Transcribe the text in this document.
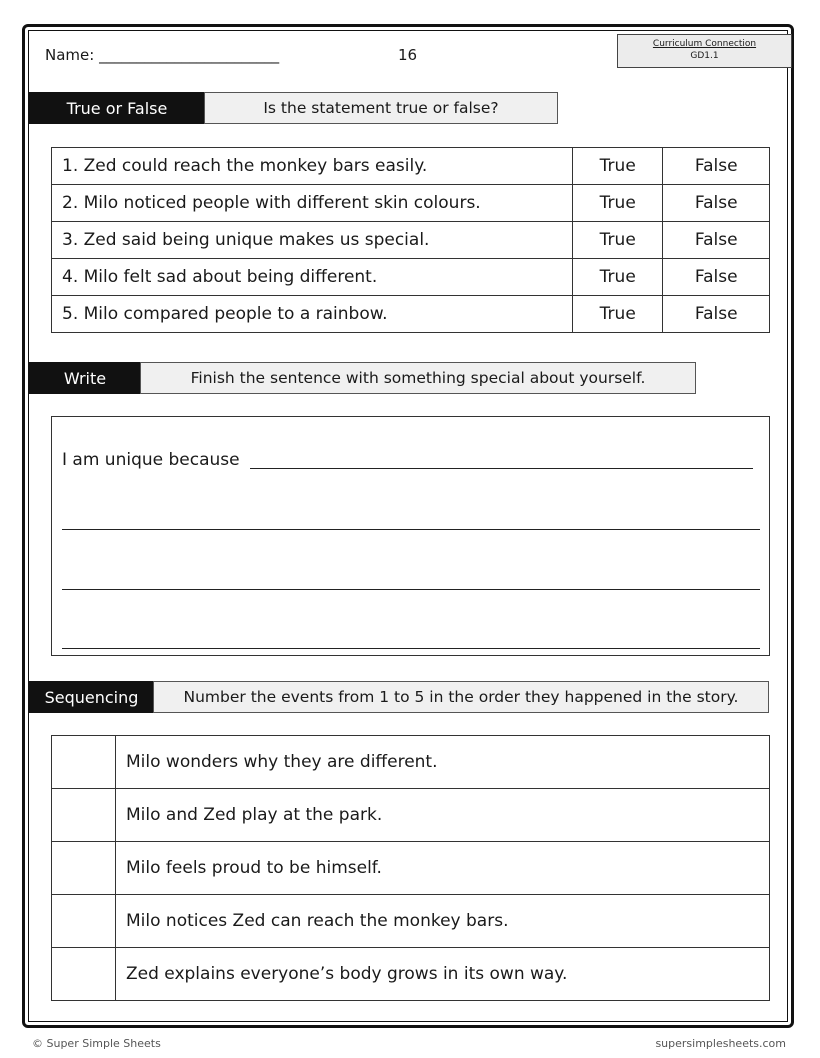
Name: ________________________	16
Curriculum Connection
GD1.1
True or False	Is the statement true or false?
1. Zed could reach the monkey bars easily.	True	False
2. Milo noticed people with different skin colours.	True	False
3. Zed said being unique makes us special.	True	False
4. Milo felt sad about being different.	True	False
5. Milo compared people to a rainbow.	True	False
Write	Finish the sentence with something special about yourself.
I am unique because
Sequencing	Number the events from 1 to 5 in the order they happened in the story.
	Milo wonders why they are different.
	Milo and Zed play at the park.
	Milo feels proud to be himself.
	Milo notices Zed can reach the monkey bars.
	Zed explains everyone’s body grows in its own way.
© Super Simple Sheets	supersimplesheets.com
